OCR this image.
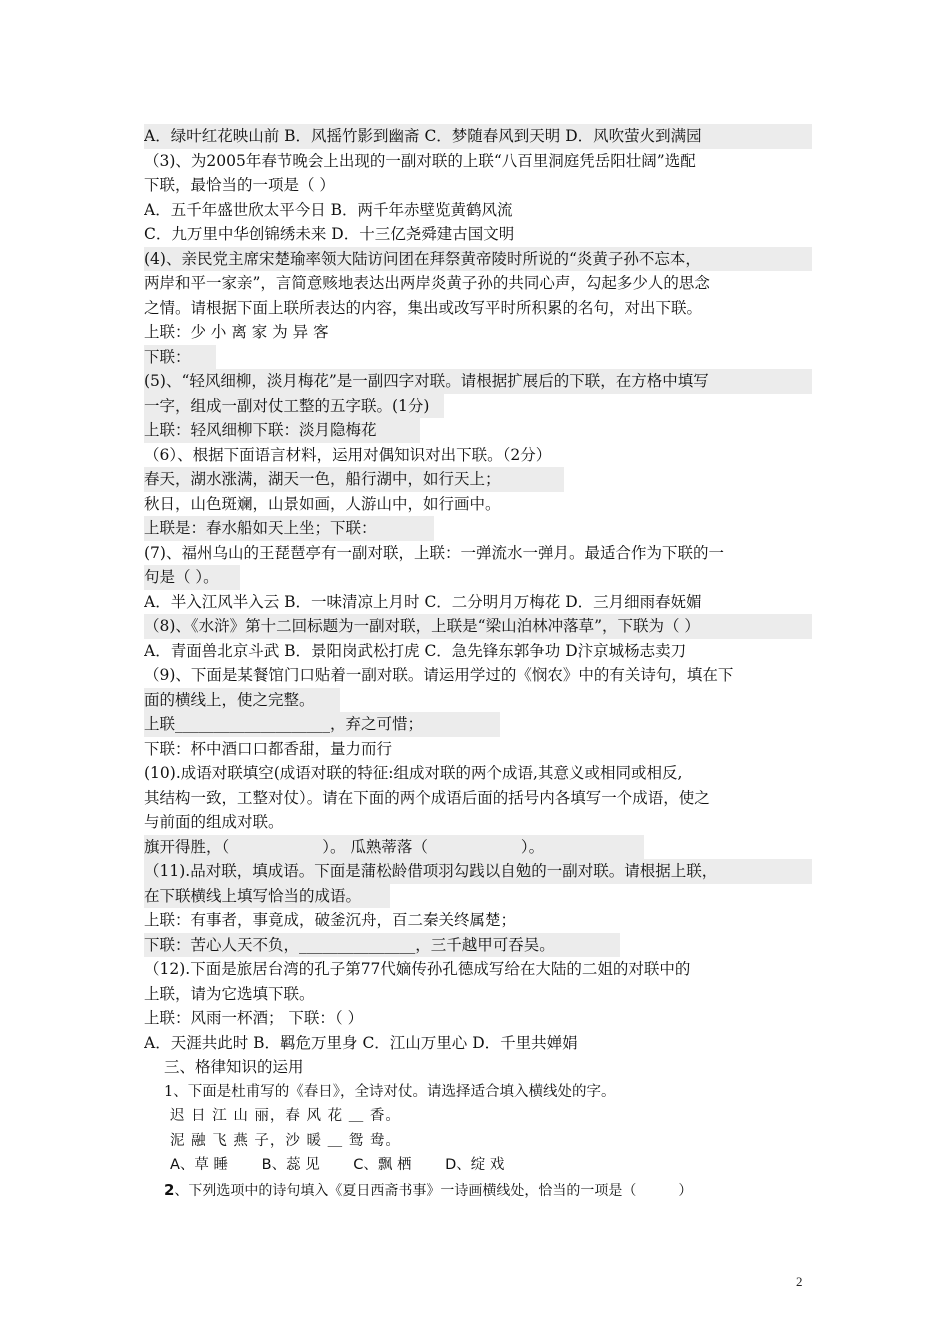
A．绿叶红花映山前 B．风摇竹影到幽斋 C．梦随春风到天明 D．风吹萤火到满园
（3)、为2005年春节晚会上出现的一副对联的上联“八百里洞庭凭岳阳壮阔”选配
下联，最恰当的一项是（ ）
A．五千年盛世欣太平今日 B．两千年赤壁览黄鹤风流
C．九万里中华创锦绣未来 D．十三亿尧舜建古国文明
(4)、亲民党主席宋楚瑜率领大陆访问团在拜祭黄帝陵时所说的“炎黄子孙不忘本，
两岸和平一家亲”，言简意赅地表达出两岸炎黄子孙的共同心声，勾起多少人的思念
之情。请根据下面上联所表达的内容，集出或改写平时所积累的名句，对出下联。
上联：少 小 离 家 为 异 客
下联：
(5)、“轻风细柳，淡月梅花”是一副四字对联。请根据扩展后的下联，在方格中填写
一字，组成一副对仗工整的五字联。(1分)
上联：轻风细柳下联：淡月隐梅花
（6）、根据下面语言材料，运用对偶知识对出下联。（2分）
春天，湖水涨满，湖天一色，船行湖中，如行天上；
秋日，山色斑斓，山景如画，人游山中，如行画中。
上联是：春水船如天上坐；下联：
(7)、福州乌山的王琵琶亭有一副对联，上联：一弹流水一弹月。最适合作为下联的一
句是（ ）。
A．半入江风半入云 B．一味清凉上月时 C．二分明月万梅花 D．三月细雨春妩媚
（8)、《水浒》第十二回标题为一副对联，上联是“梁山泊林冲落草”，下联为（ ）
A．青面兽北京斗武 B．景阳岗武松打虎 C．急先锋东郭争功 D汴京城杨志卖刀
（9)、下面是某餐馆门口贴着一副对联。请运用学过的《悯农》中的有关诗句，填在下
面的横线上，使之完整。
上联____________________，弃之可惜；
下联：杯中酒口口都香甜，量力而行
(10).成语对联填空(成语对联的特征:组成对联的两个成语,其意义或相同或相反,
其结构一致，工整对仗）。请在下面的两个成语后面的括号内各填写一个成语，使之
与前面的组成对联。
旗开得胜，（　　　　　　）。 瓜熟蒂落（　　　　　　）。
（11).品对联，填成语。下面是蒲松龄借项羽勾践以自勉的一副对联。请根据上联，
在下联横线上填写恰当的成语。
上联：有事者，事竟成，破釜沉舟，百二秦关终属楚；
下联：苦心人天不负，_______________，三千越甲可吞吴。
（12).下面是旅居台湾的孔子第77代嫡传孙孔德成写给在大陆的二姐的对联中的
上联，请为它选填下联。
上联：风雨一杯酒； 下联：（ ）
A．天涯共此时 B．羁危万里身 C．江山万里心 D．千里共婵娟
三、格律知识的运用
1、下面是杜甫写的《春日》，全诗对仗。请选择适合填入横线处的字。
迟 日 江 山 丽，春 风 花 ＿ 香。
泥 融 飞 燕 子，沙 暖 ＿ 鸳 鸯。
A、草 睡　　 B、蕊 见　　 C、飘 栖　　 D、绽 戏
2、下列选项中的诗句填入《夏日西斋书事》一诗画横线处，恰当的一项是（　　　）
2
